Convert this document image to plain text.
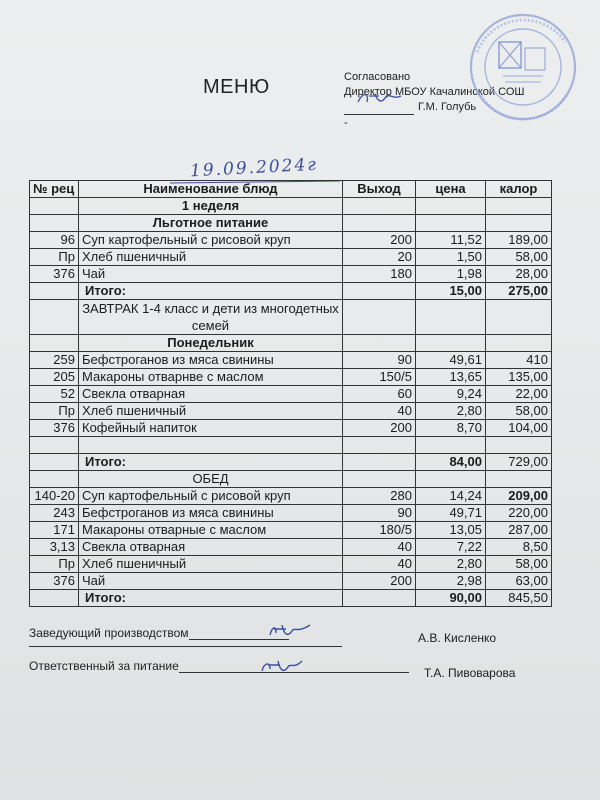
МЕНЮ	Согласовано
Директор МБОУ Качалинской СОШ
Г.М. Голубь
-
19.09.2024г
№ рец	Наименование блюд	Выход	цена	калор
	1 неделя			
	Льготное питание			
96	Суп картофельный с рисовой круп	200	11,52	189,00
Пр	Хлеб пшеничный	20	1,50	58,00
376	Чай	180	1,98	28,00
	Итого:		15,00	275,00
	ЗАВТРАК 1-4 класс и дети из многодетных семей			
	Понедельник			
259	Бефстроганов из мяса свинины	90	49,61	410
205	Макароны отварнве с маслом	150/5	13,65	135,00
52	Свекла отварная	60	9,24	22,00
Пр	Хлеб пшеничный	40	2,80	58,00
376	Кофейный напиток	200	8,70	104,00

	Итого:		84,00	729,00
	ОБЕД			
140-20	Суп картофельный с рисовой круп	280	14,24	209,00
243	Бефстроганов из мяса свинины	90	49,71	220,00
171	Макароны отварные с маслом	180/5	13,05	287,00
3,13	Свекла отварная	40	7,22	8,50
Пр	Хлеб пшеничный	40	2,80	58,00
376	Чай	200	2,98	63,00
	Итого:		90,00	845,50
Заведующий производством	А.В. Кисленко
Ответственный за питание	Т.А. Пивоварова
